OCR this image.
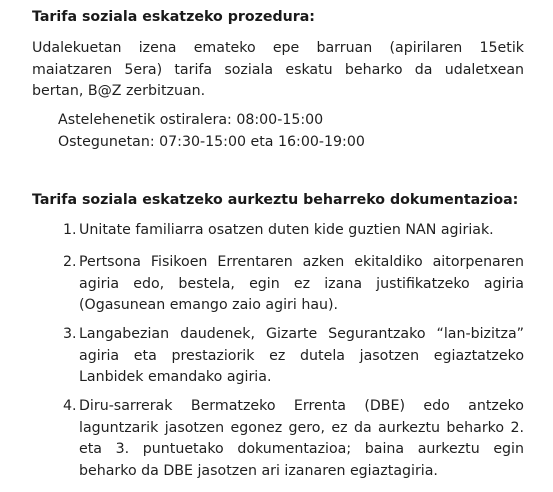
Tarifa soziala eskatzeko prozedura:

Udalekuetan izena emateko epe barruan (apirilaren 15etik maiatzaren 5era) tarifa soziala eskatu beharko da udaletxean bertan, B@Z zerbitzuan.

Astelehenetik ostiralera: 08:00-15:00

Ostegunetan: 07:30-15:00 eta 16:00-19:00

Tarifa soziala eskatzeko aurkeztu beharreko dokumentazioa:
1. Unitate familiarra osatzen duten kide guztien NAN agiriak.
2. Pertsona Fisikoen Errentaren azken ekitaldiko aitorpenaren agiria edo, bestela, egin ez izana justifikatzeko agiria (Ogasunean emango zaio agiri hau).
3. Langabezian daudenek, Gizarte Segurantzako “lan-bizitza” agiria eta prestaziorik ez dutela jasotzen egiaztatzeko Lanbidek emandako agiria.
4. Diru-sarrerak Bermatzeko Errenta (DBE) edo antzeko laguntzarik jasotzen egonez gero, ez da aurkeztu beharko 2. eta 3. puntuetako dokumentazioa; baina aurkeztu egin beharko da DBE jasotzen ari izanaren egiaztagiria.
